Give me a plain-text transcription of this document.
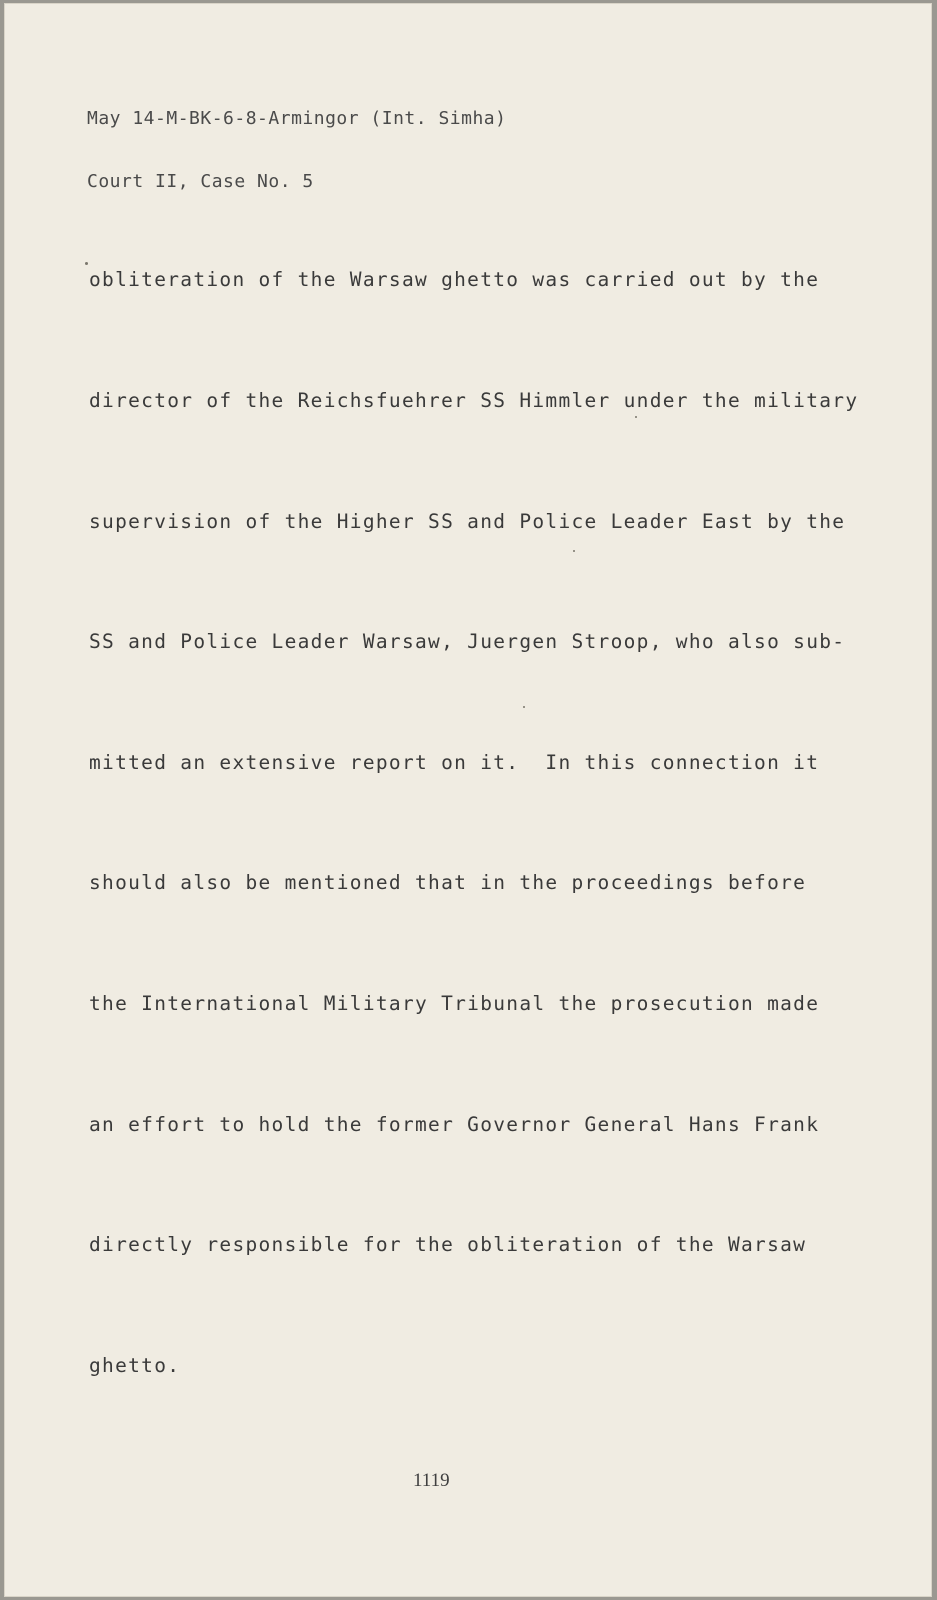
May 14-M-BK-6-8-Armingor (Int. Simha)

Court II, Case No. 5

obliteration of the Warsaw ghetto was carried out by the

director of the Reichsfuehrer SS Himmler under the military

supervision of the Higher SS and Police Leader East by the

SS and Police Leader Warsaw, Juergen Stroop, who also sub-

mitted an extensive report on it.  In this connection it

should also be mentioned that in the proceedings before

the International Military Tribunal the prosecution made

an effort to hold the former Governor General Hans Frank

directly responsible for the obliteration of the Warsaw

ghetto.

1119
